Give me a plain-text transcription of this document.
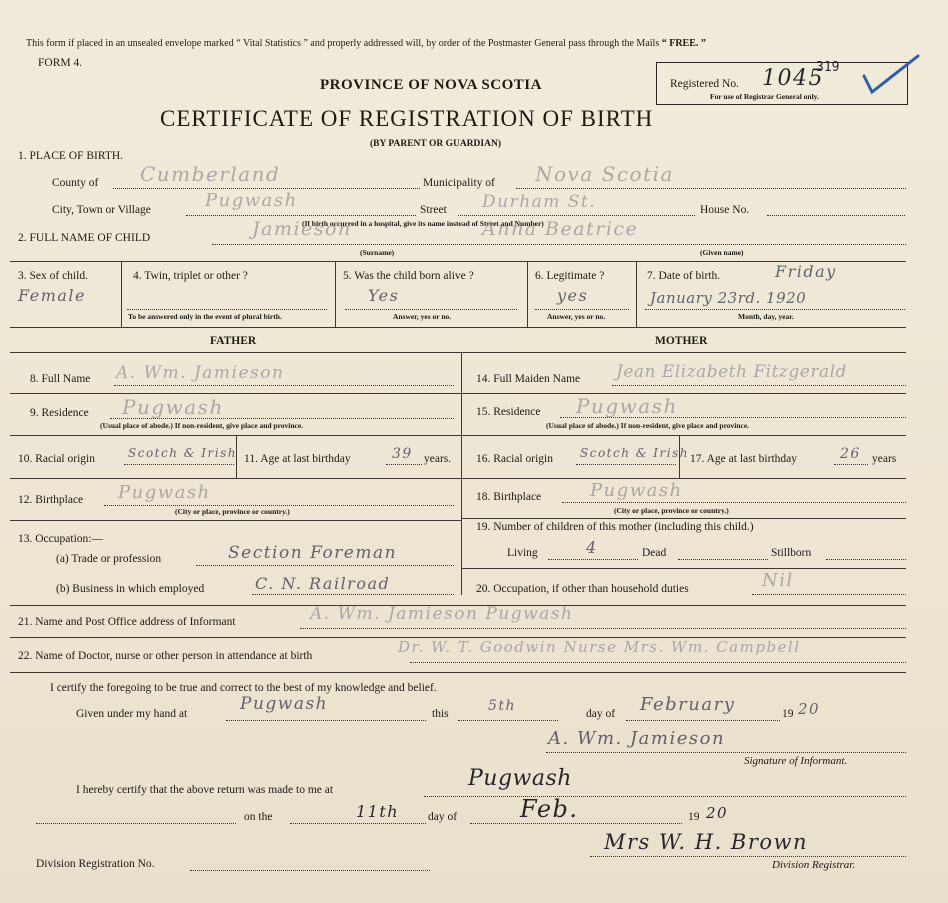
This form if placed in an unsealed envelope marked “ Vital Statistics ” and properly addressed will, by order of the Postmaster General pass through the Mails “ FREE. ”
FORM 4.
PROVINCE OF NOVA SCOTIA
CERTIFICATE OF REGISTRATION OF BIRTH
(BY PARENT OR GUARDIAN)
Registered No. 1045
319
For use of Registrar General only.
1. PLACE OF BIRTH.
County of Cumberland	Municipality of Nova Scotia
City, Town or Village	Pugwash	Street Durham St.	House No.
(If birth occurred in a hospital, give its name instead of Street and Number)
2. FULL NAME OF CHILD	Jamieson	Anna Beatrice
(Surname)	(Given name)
3. Sex of child.
Female
4. Twin, triplet or other ?
To be answered only in the event of plural birth.
5. Was the child born alive ?
Yes
Answer, yes or no.
6. Legitimate ?
yes
Answer, yes or no.
7. Date of birth.	Friday
January 23rd. 1920
Month, day, year.
FATHER	MOTHER
8. Full Name A. Wm. Jamieson
9. Residence Pugwash
(Usual place of abode.) If non-resident, give place and province.
10. Racial origin	Scotch & Irish 11. Age at last birthday	39 years.
12. Birthplace Pugwash
(City or place, province or country.)
13. Occupation:—
(a) Trade or profession	Section Foreman
(b) Business in which employed	C. N. Railroad
14. Full Maiden Name Jean Elizabeth Fitzgerald
15. Residence Pugwash
(Usual place of abode.) If non-resident, give place and province.
16. Racial origin Scotch & Irish 17. Age at last birthday	26 years
18. Birthplace	Pugwash
(City or place, province or country.)
19. Number of children of this mother (including this child.)
Living	4	Dead	Stillborn
20. Occupation, if other than household duties	Nil
21. Name and Post Office address of Informant	A. Wm. Jamieson Pugwash
22. Name of Doctor, nurse or other person in attendance at birth	Dr. W. T. Goodwin Nurse Mrs. Wm. Campbell
I certify the foregoing to be true and correct to the best of my knowledge and belief.
Given under my hand at	Pugwash	this	5th	day of February	19 20
A. Wm. Jamieson
Signature of Informant.
I hereby certify that the above return was made to me at	Pugwash
on the	11th	day of	Feb.	19 20
Mrs W. H. Brown
Division Registration No.	Division Registrar.
